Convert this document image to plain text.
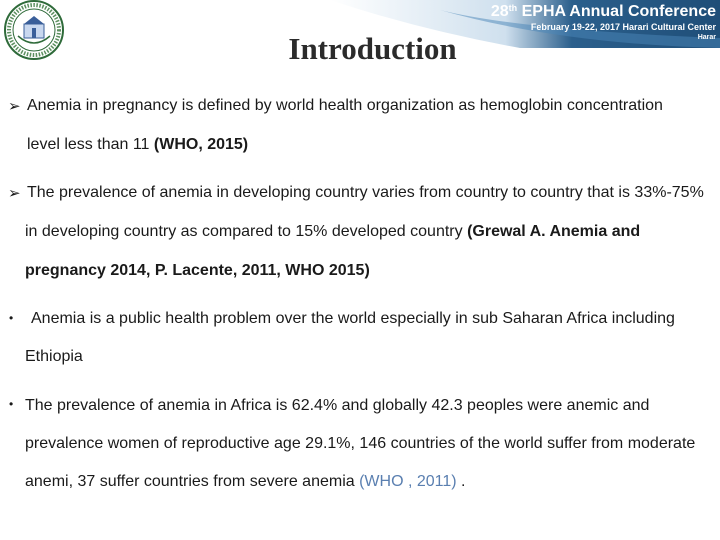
28th EPHA Annual Conference
February 19-22, 2017 Harari Cultural Center
Harar
Introduction
➢ Anemia in pregnancy is defined by world health organization as hemoglobin concentration
level less than 11 (WHO, 2015)
➢ The prevalence of anemia in developing country varies from country to country that is 33%-75%
in developing country as compared to 15% developed country (Grewal A. Anemia and
pregnancy 2014, P. Lacente, 2011, WHO 2015)
• Anemia is a public health problem over the world especially in sub Saharan Africa including
Ethiopia
• The prevalence of anemia in Africa is 62.4% and globally 42.3 peoples were anemic and
prevalence women of reproductive age 29.1%, 146 countries of the world suffer from moderate
anemi, 37 suffer countries from severe anemia (WHO , 2011) .
